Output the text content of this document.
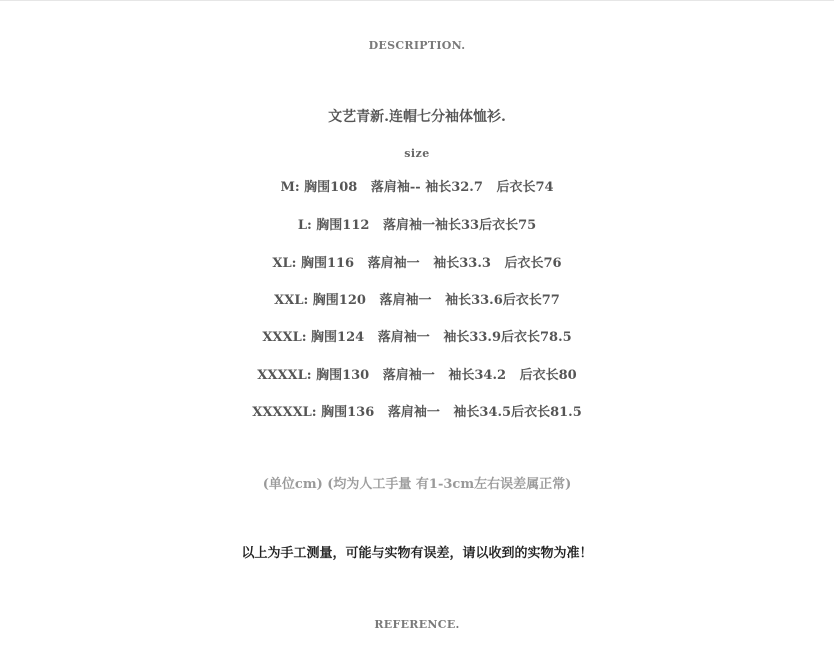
DESCRIPTION.
文艺青新.连帽七分袖体恤衫.
size
M: 胸围108   落肩袖-- 袖长32.7   后衣长74
L: 胸围112   落肩袖一袖长33后衣长75
XL: 胸围116   落肩袖一   袖长33.3   后衣长76
XXL: 胸围120   落肩袖一   袖长33.6后衣长77
XXXL: 胸围124   落肩袖一   袖长33.9后衣长78.5
XXXXL: 胸围130   落肩袖一   袖长34.2   后衣长80
XXXXXL: 胸围136   落肩袖一   袖长34.5后衣长81.5
(单位cm) (均为人工手量 有1-3cm左右误差属正常)
以上为手工测量，可能与实物有误差，请以收到的实物为准！
REFERENCE.
